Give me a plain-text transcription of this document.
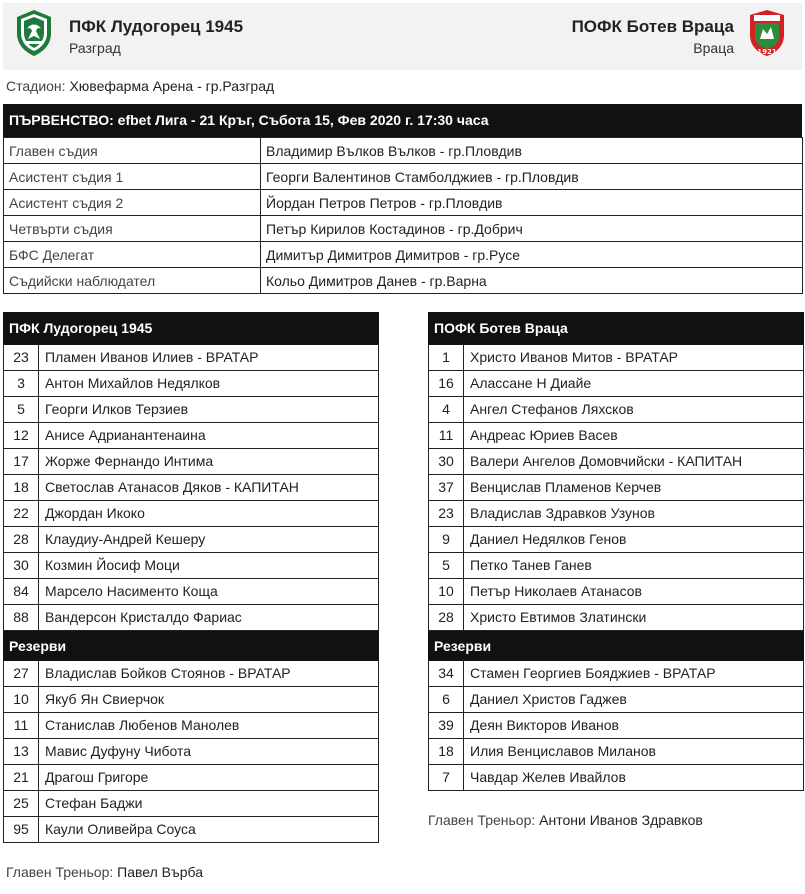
ПФК Лудогорец 1945
Разград
ПОФК Ботев Враца
Враца	1921
Стадион: Хювефарма Арена - гр.Разград
ПЪРВЕНСТВО: efbet Лига - 21 Кръг, Събота 15, Фев 2020 г. 17:30 часа
Главен съдия	Владимир Вълков Вълков - гр.Пловдив
Асистент съдия 1	Георги Валентинов Стамболджиев - гр.Пловдив
Асистент съдия 2	Йордан Петров Петров - гр.Пловдив
Четвърти съдия	Петър Кирилов Костадинов - гр.Добрич
БФС Делегат	Димитър Димитров Димитров - гр.Русе
Съдийски наблюдател	Кольо Димитров Данев - гр.Варна
ПФК Лудогорец 1945
23	Пламен Иванов Илиев - ВРАТАР
3	Антон Михайлов Недялков
5	Георги Илков Терзиев
12	Анисе Адрианантенаина
17	Жорже Фернандо Интима
18	Светослав Атанасов Дяков - КАПИТАН
22	Джордан Икоко
28	Клаудиу-Андрей Кешеру
30	Козмин Йосиф Моци
84	Марсело Насименто Коща
88	Вандерсон Кристалдо Фариас
Резерви
27	Владислав Бойков Стоянов - ВРАТАР
10	Якуб Ян Свиерчок
11	Станислав Любенов Манолев
13	Мавис Дуфуну Чибота
21	Драгош Григоре
25	Стефан Баджи
95	Каули Оливейра Соуса
ПОФК Ботев Враца
1	Христо Иванов Митов - ВРАТАР
16	Алассане Н Диайе
4	Ангел Стефанов Ляхсков
11	Андреас Юриев Васев
30	Валери Ангелов Домовчийски - КАПИТАН
37	Венцислав Пламенов Керчев
23	Владислав Здравков Узунов
9	Даниел Недялков Генов
5	Петко Танев Ганев
10	Петър Николаев Атанасов
28	Христо Евтимов Златински
Резерви
34	Стамен Георгиев Бояджиев - ВРАТАР
6	Даниел Христов Гаджев
39	Деян Викторов Иванов
18	Илия Венциславов Миланов
7	Чавдар Желев Ивайлов
Главен Треньор: Павел Върба
Главен Треньор: Антони Иванов Здравков
